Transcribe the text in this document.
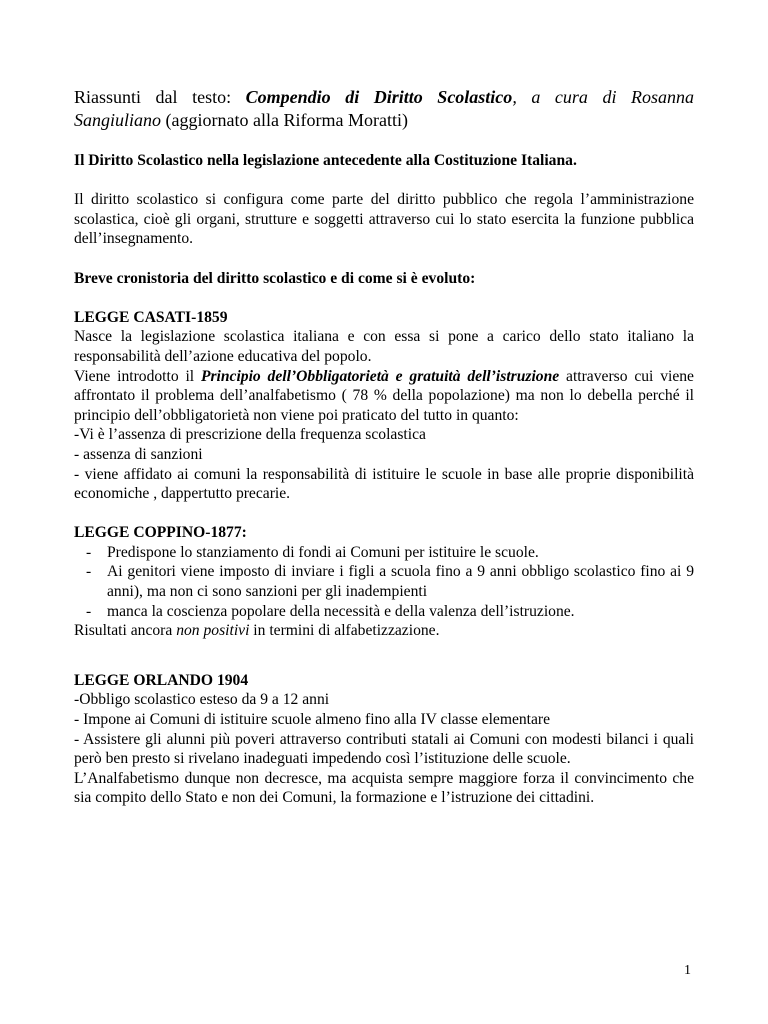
Riassunti dal testo: Compendio di Diritto Scolastico, a cura di Rosanna

Sangiuliano (aggiornato alla Riforma Moratti)

Il Diritto Scolastico nella legislazione antecedente alla Costituzione Italiana.

Il diritto scolastico si configura come parte del diritto pubblico che regola l’amministrazione scolastica, cioè gli organi, strutture e soggetti attraverso cui lo stato esercita la funzione pubblica dell’insegnamento.

Breve cronistoria del diritto scolastico e di come si è evoluto:

LEGGE CASATI-1859

Nasce la legislazione scolastica italiana e con essa si pone a carico dello stato italiano la responsabilità dell’azione educativa del popolo.

Viene introdotto il Principio dell’Obbligatorietà e gratuità dell’istruzione attraverso cui viene affrontato il problema dell’analfabetismo ( 78 % della popolazione) ma non lo debella perché il principio dell’obbligatorietà non viene poi praticato del tutto in quanto:

-Vi è l’assenza di prescrizione della frequenza scolastica

- assenza di sanzioni

- viene affidato ai comuni la responsabilità di istituire le scuole in base alle proprie disponibilità economiche , dappertutto precarie.

LEGGE COPPINO-1877:

- Predispone lo stanziamento di fondi ai Comuni per istituire le scuole.
- Ai genitori viene imposto di inviare i figli a scuola fino a 9 anni obbligo scolastico fino ai 9 anni), ma non ci sono sanzioni per gli inadempienti
- manca la coscienza popolare della necessità e della valenza dell’istruzione.

Risultati ancora non positivi in termini di alfabetizzazione.

LEGGE ORLANDO 1904

-Obbligo scolastico esteso da 9 a 12 anni

- Impone ai Comuni di istituire scuole almeno fino alla IV classe elementare

- Assistere gli alunni più poveri attraverso contributi statali ai Comuni con modesti bilanci i quali però ben presto si rivelano inadeguati impedendo così l’istituzione delle scuole.

L’Analfabetismo dunque non decresce, ma acquista sempre maggiore forza il convincimento che sia compito dello Stato e non dei Comuni, la formazione e l’istruzione dei cittadini.

1
